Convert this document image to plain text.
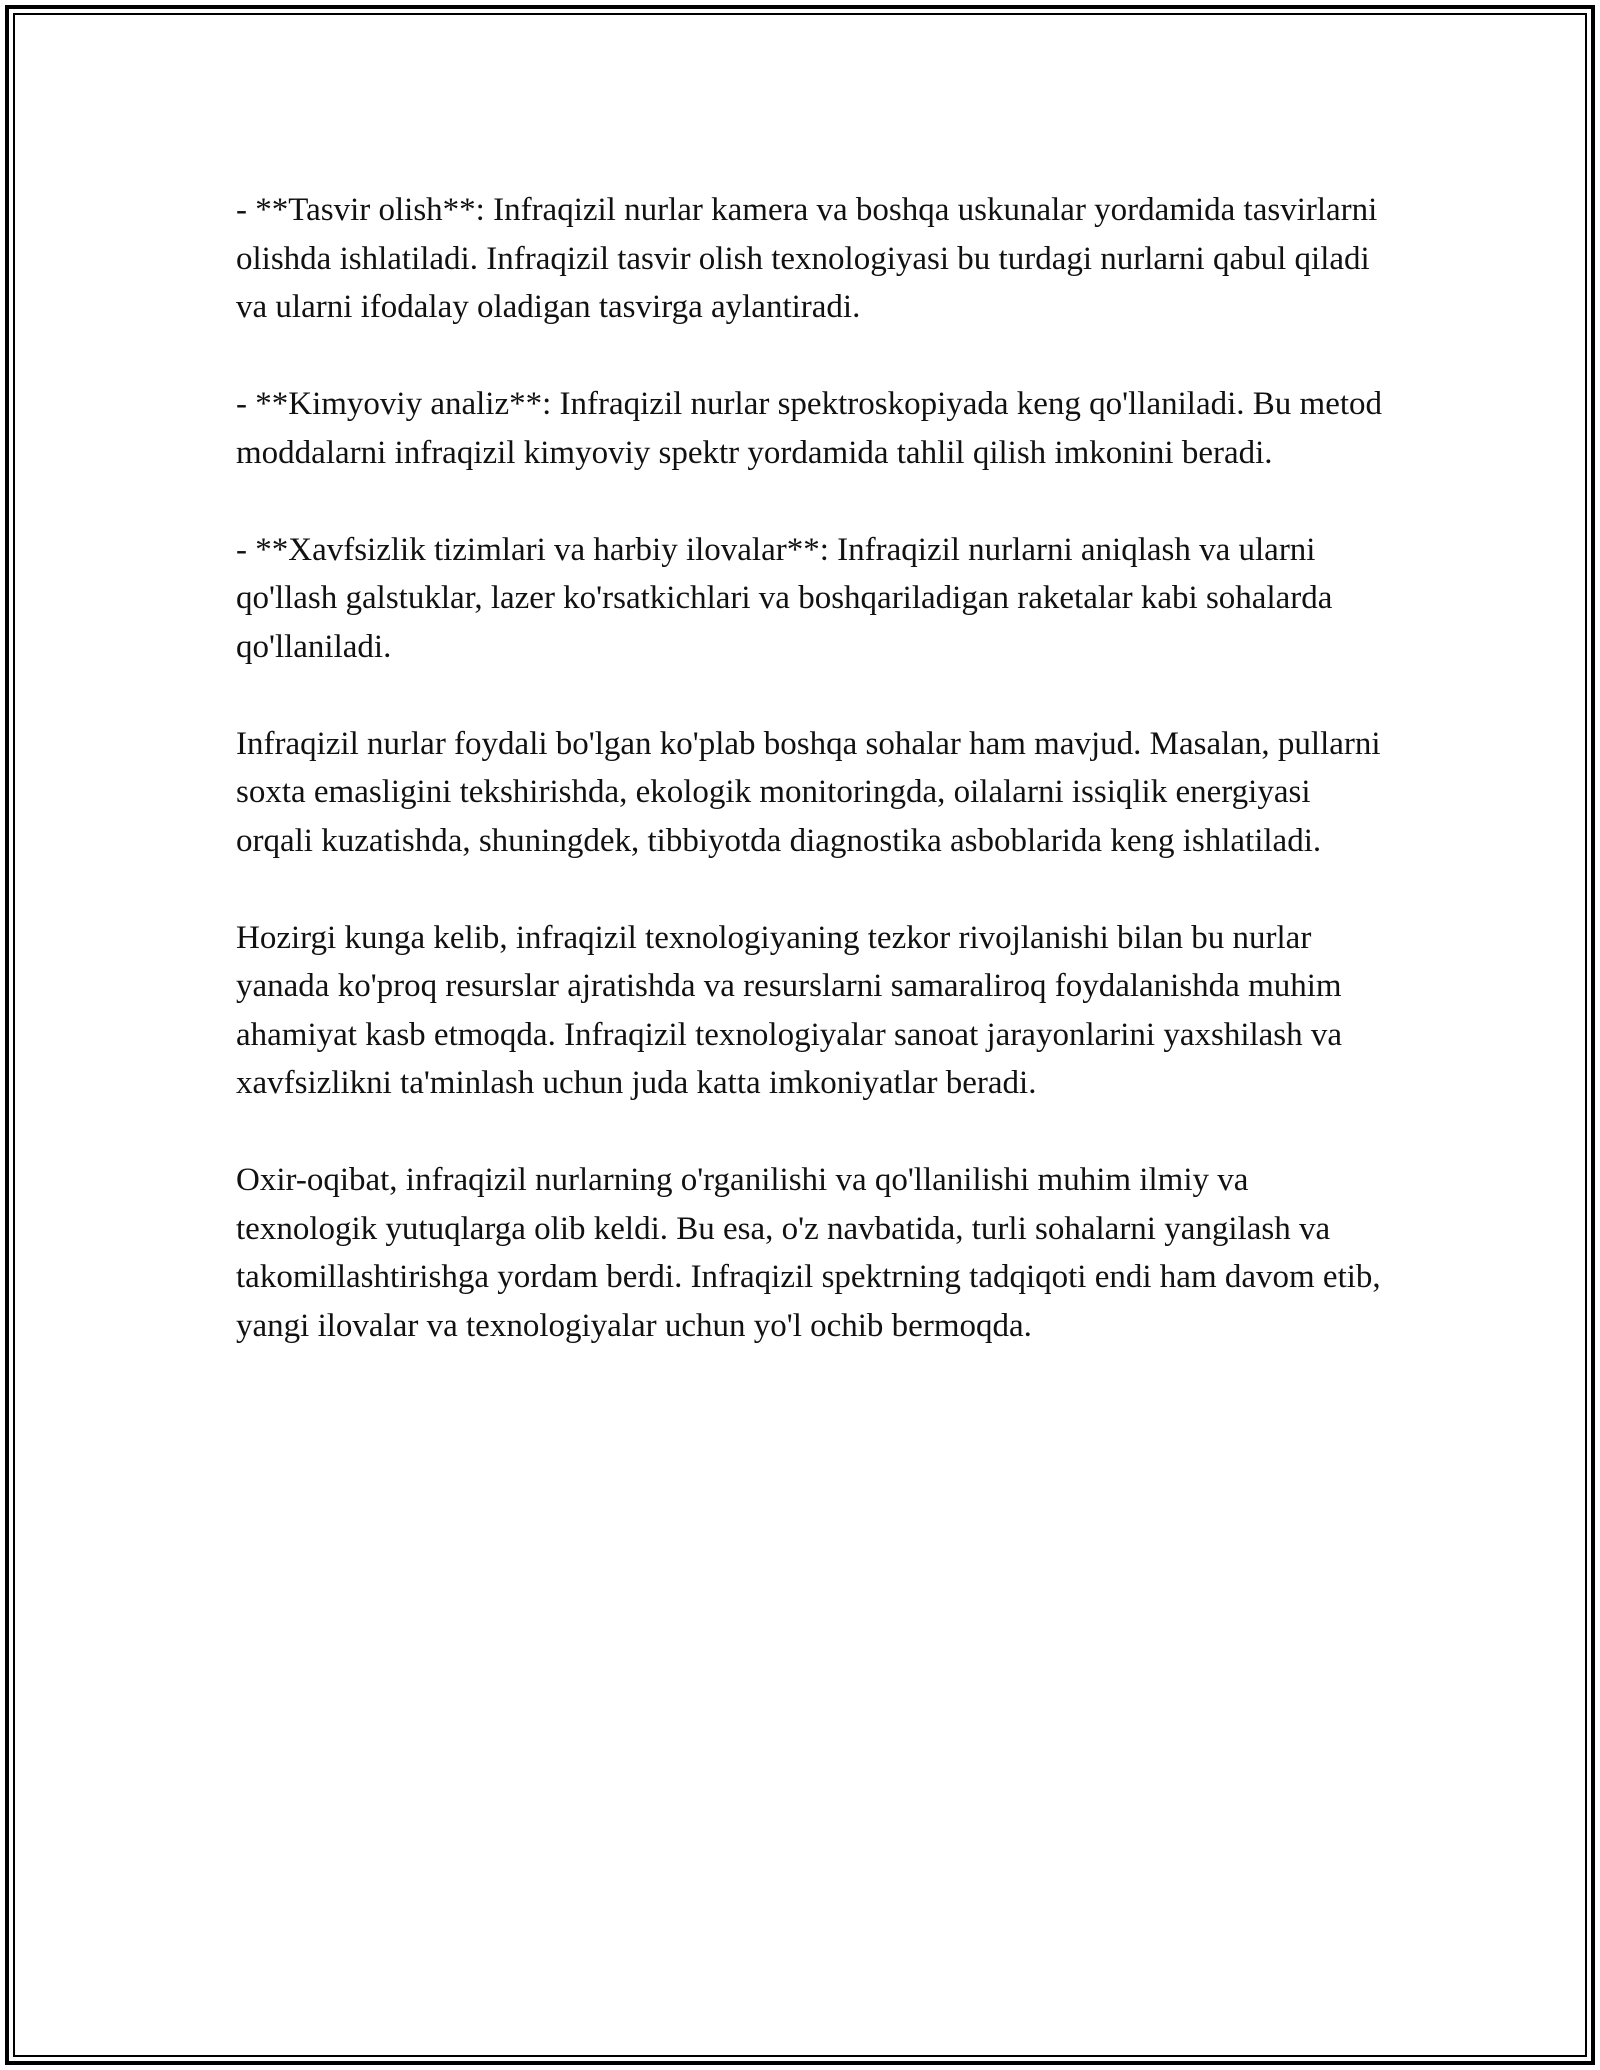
- **Tasvir olish**: Infraqizil nurlar kamera va boshqa uskunalar yordamida tasvirlarni olishda ishlatiladi. Infraqizil tasvir olish texnologiyasi bu turdagi nurlarni qabul qiladi va ularni ifodalay oladigan tasvirga aylantiradi.

- **Kimyoviy analiz**: Infraqizil nurlar spektroskopiyada keng qo'llaniladi. Bu metod moddalarni infraqizil kimyoviy spektr yordamida tahlil qilish imkonini beradi.

- **Xavfsizlik tizimlari va harbiy ilovalar**: Infraqizil nurlarni aniqlash va ularni qo'llash galstuklar, lazer ko'rsatkichlari va boshqariladigan raketalar kabi sohalarda qo'llaniladi.

Infraqizil nurlar foydali bo'lgan ko'plab boshqa sohalar ham mavjud. Masalan, pullarni soxta emasligini tekshirishda, ekologik monitoringda, oilalarni issiqlik energiyasi orqali kuzatishda, shuningdek, tibbiyotda diagnostika asboblarida keng ishlatiladi.

Hozirgi kunga kelib, infraqizil texnologiyaning tezkor rivojlanishi bilan bu nurlar yanada ko'proq resurslar ajratishda va resurslarni samaraliroq foydalanishda muhim ahamiyat kasb etmoqda. Infraqizil texnologiyalar sanoat jarayonlarini yaxshilash va xavfsizlikni ta'minlash uchun juda katta imkoniyatlar beradi.

Oxir-oqibat, infraqizil nurlarning o'rganilishi va qo'llanilishi muhim ilmiy va texnologik yutuqlarga olib keldi. Bu esa, o'z navbatida, turli sohalarni yangilash va takomillashtirishga yordam berdi. Infraqizil spektrning tadqiqoti endi ham davom etib, yangi ilovalar va texnologiyalar uchun yo'l ochib bermoqda.
